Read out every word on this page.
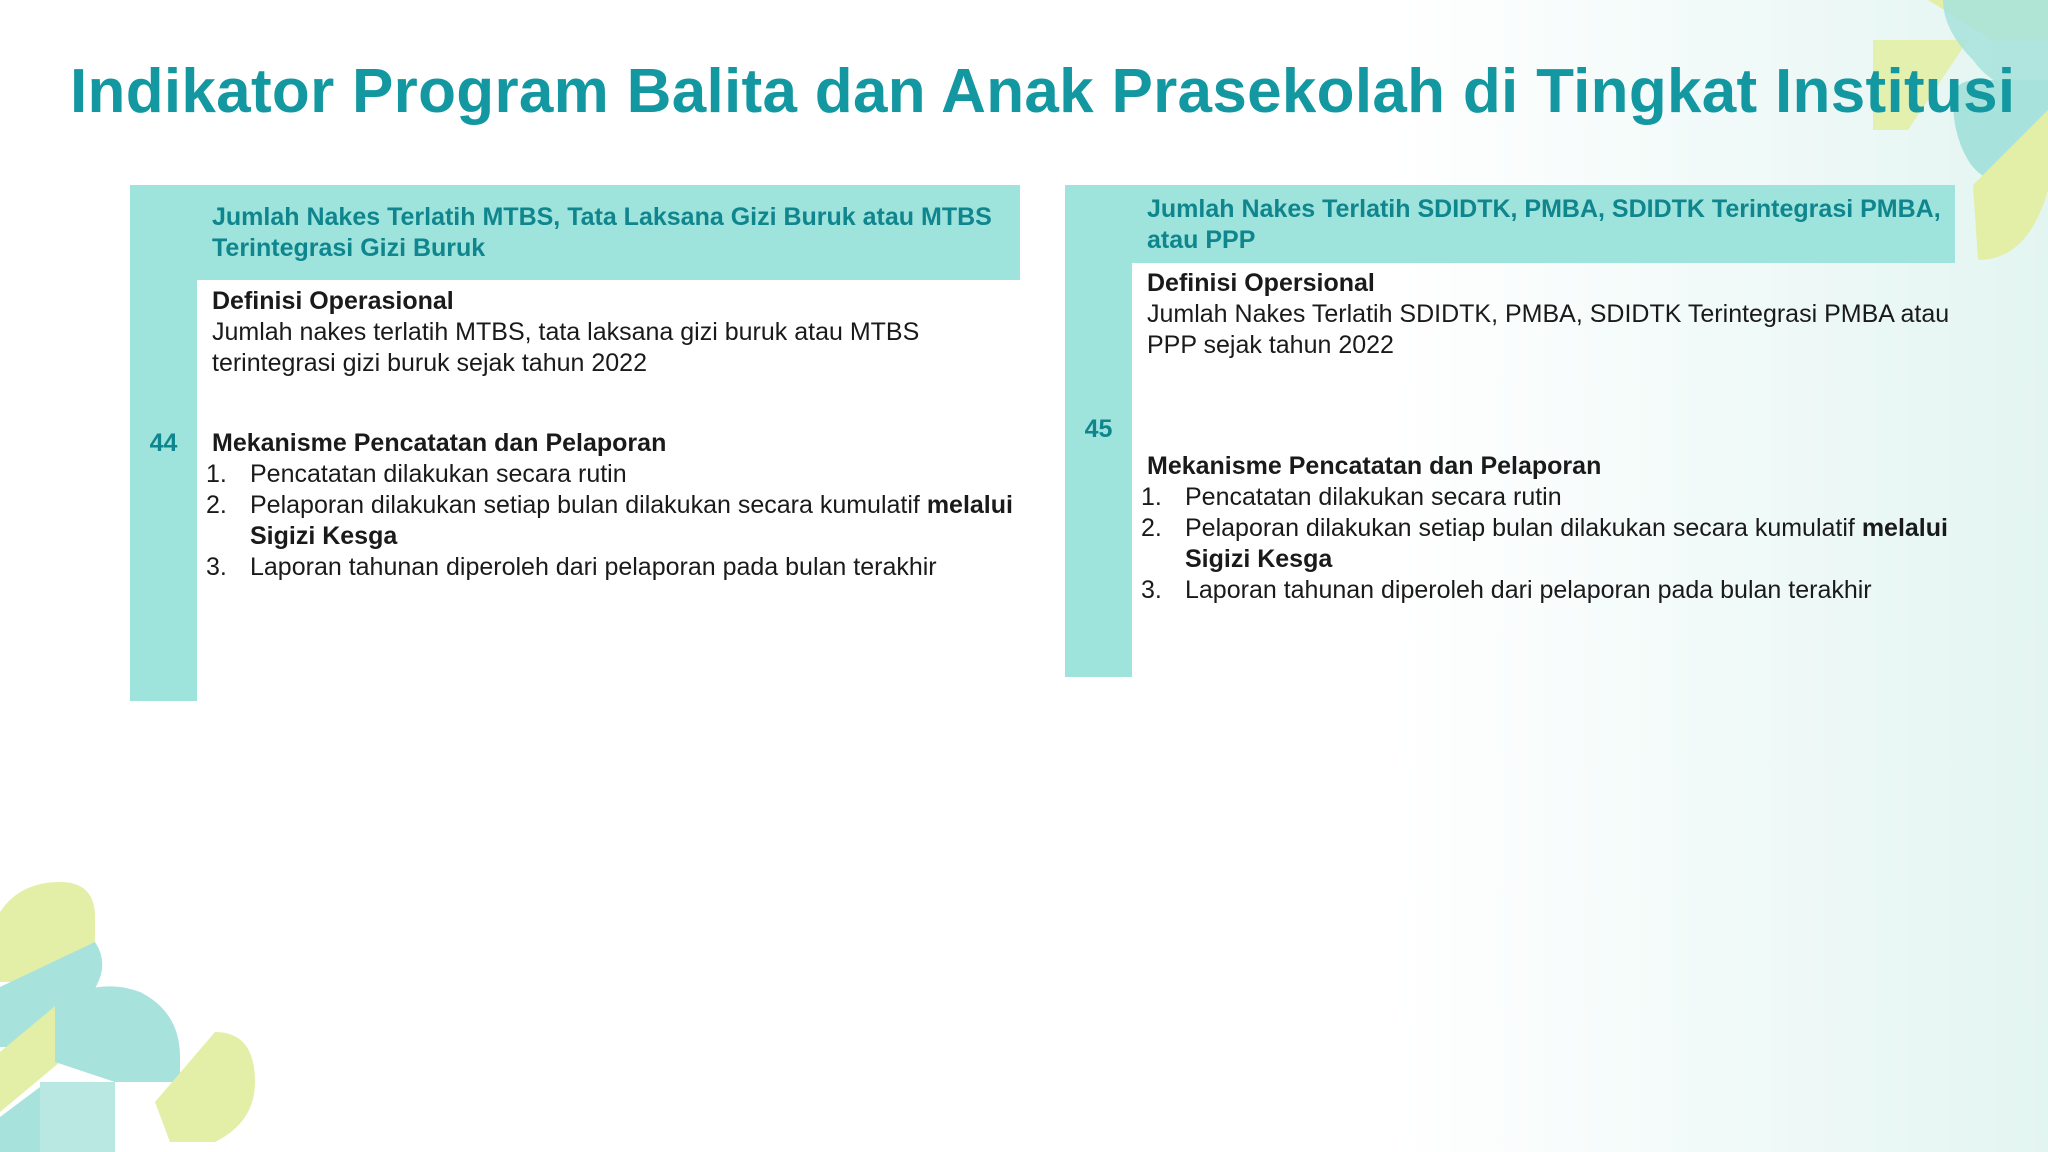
Indikator Program Balita dan Anak Prasekolah di Tingkat Institusi
Jumlah Nakes Terlatih MTBS, Tata Laksana Gizi Buruk atau MTBS Terintegrasi Gizi Buruk
44
Definisi Operasional
Jumlah nakes terlatih MTBS, tata laksana gizi buruk atau MTBS terintegrasi gizi buruk sejak tahun 2022
Mekanisme Pencatatan dan Pelaporan
1. Pencatatan dilakukan secara rutin
2. Pelaporan dilakukan setiap bulan dilakukan secara kumulatif melalui Sigizi Kesga
3. Laporan tahunan diperoleh dari pelaporan pada bulan terakhir
Jumlah Nakes Terlatih SDIDTK, PMBA, SDIDTK Terintegrasi PMBA, atau PPP
45
Definisi Opersional
Jumlah Nakes Terlatih SDIDTK, PMBA, SDIDTK Terintegrasi PMBA atau PPP sejak tahun 2022
Mekanisme Pencatatan dan Pelaporan
1. Pencatatan dilakukan secara rutin
2. Pelaporan dilakukan setiap bulan dilakukan secara kumulatif melalui Sigizi Kesga
3. Laporan tahunan diperoleh dari pelaporan pada bulan terakhir
